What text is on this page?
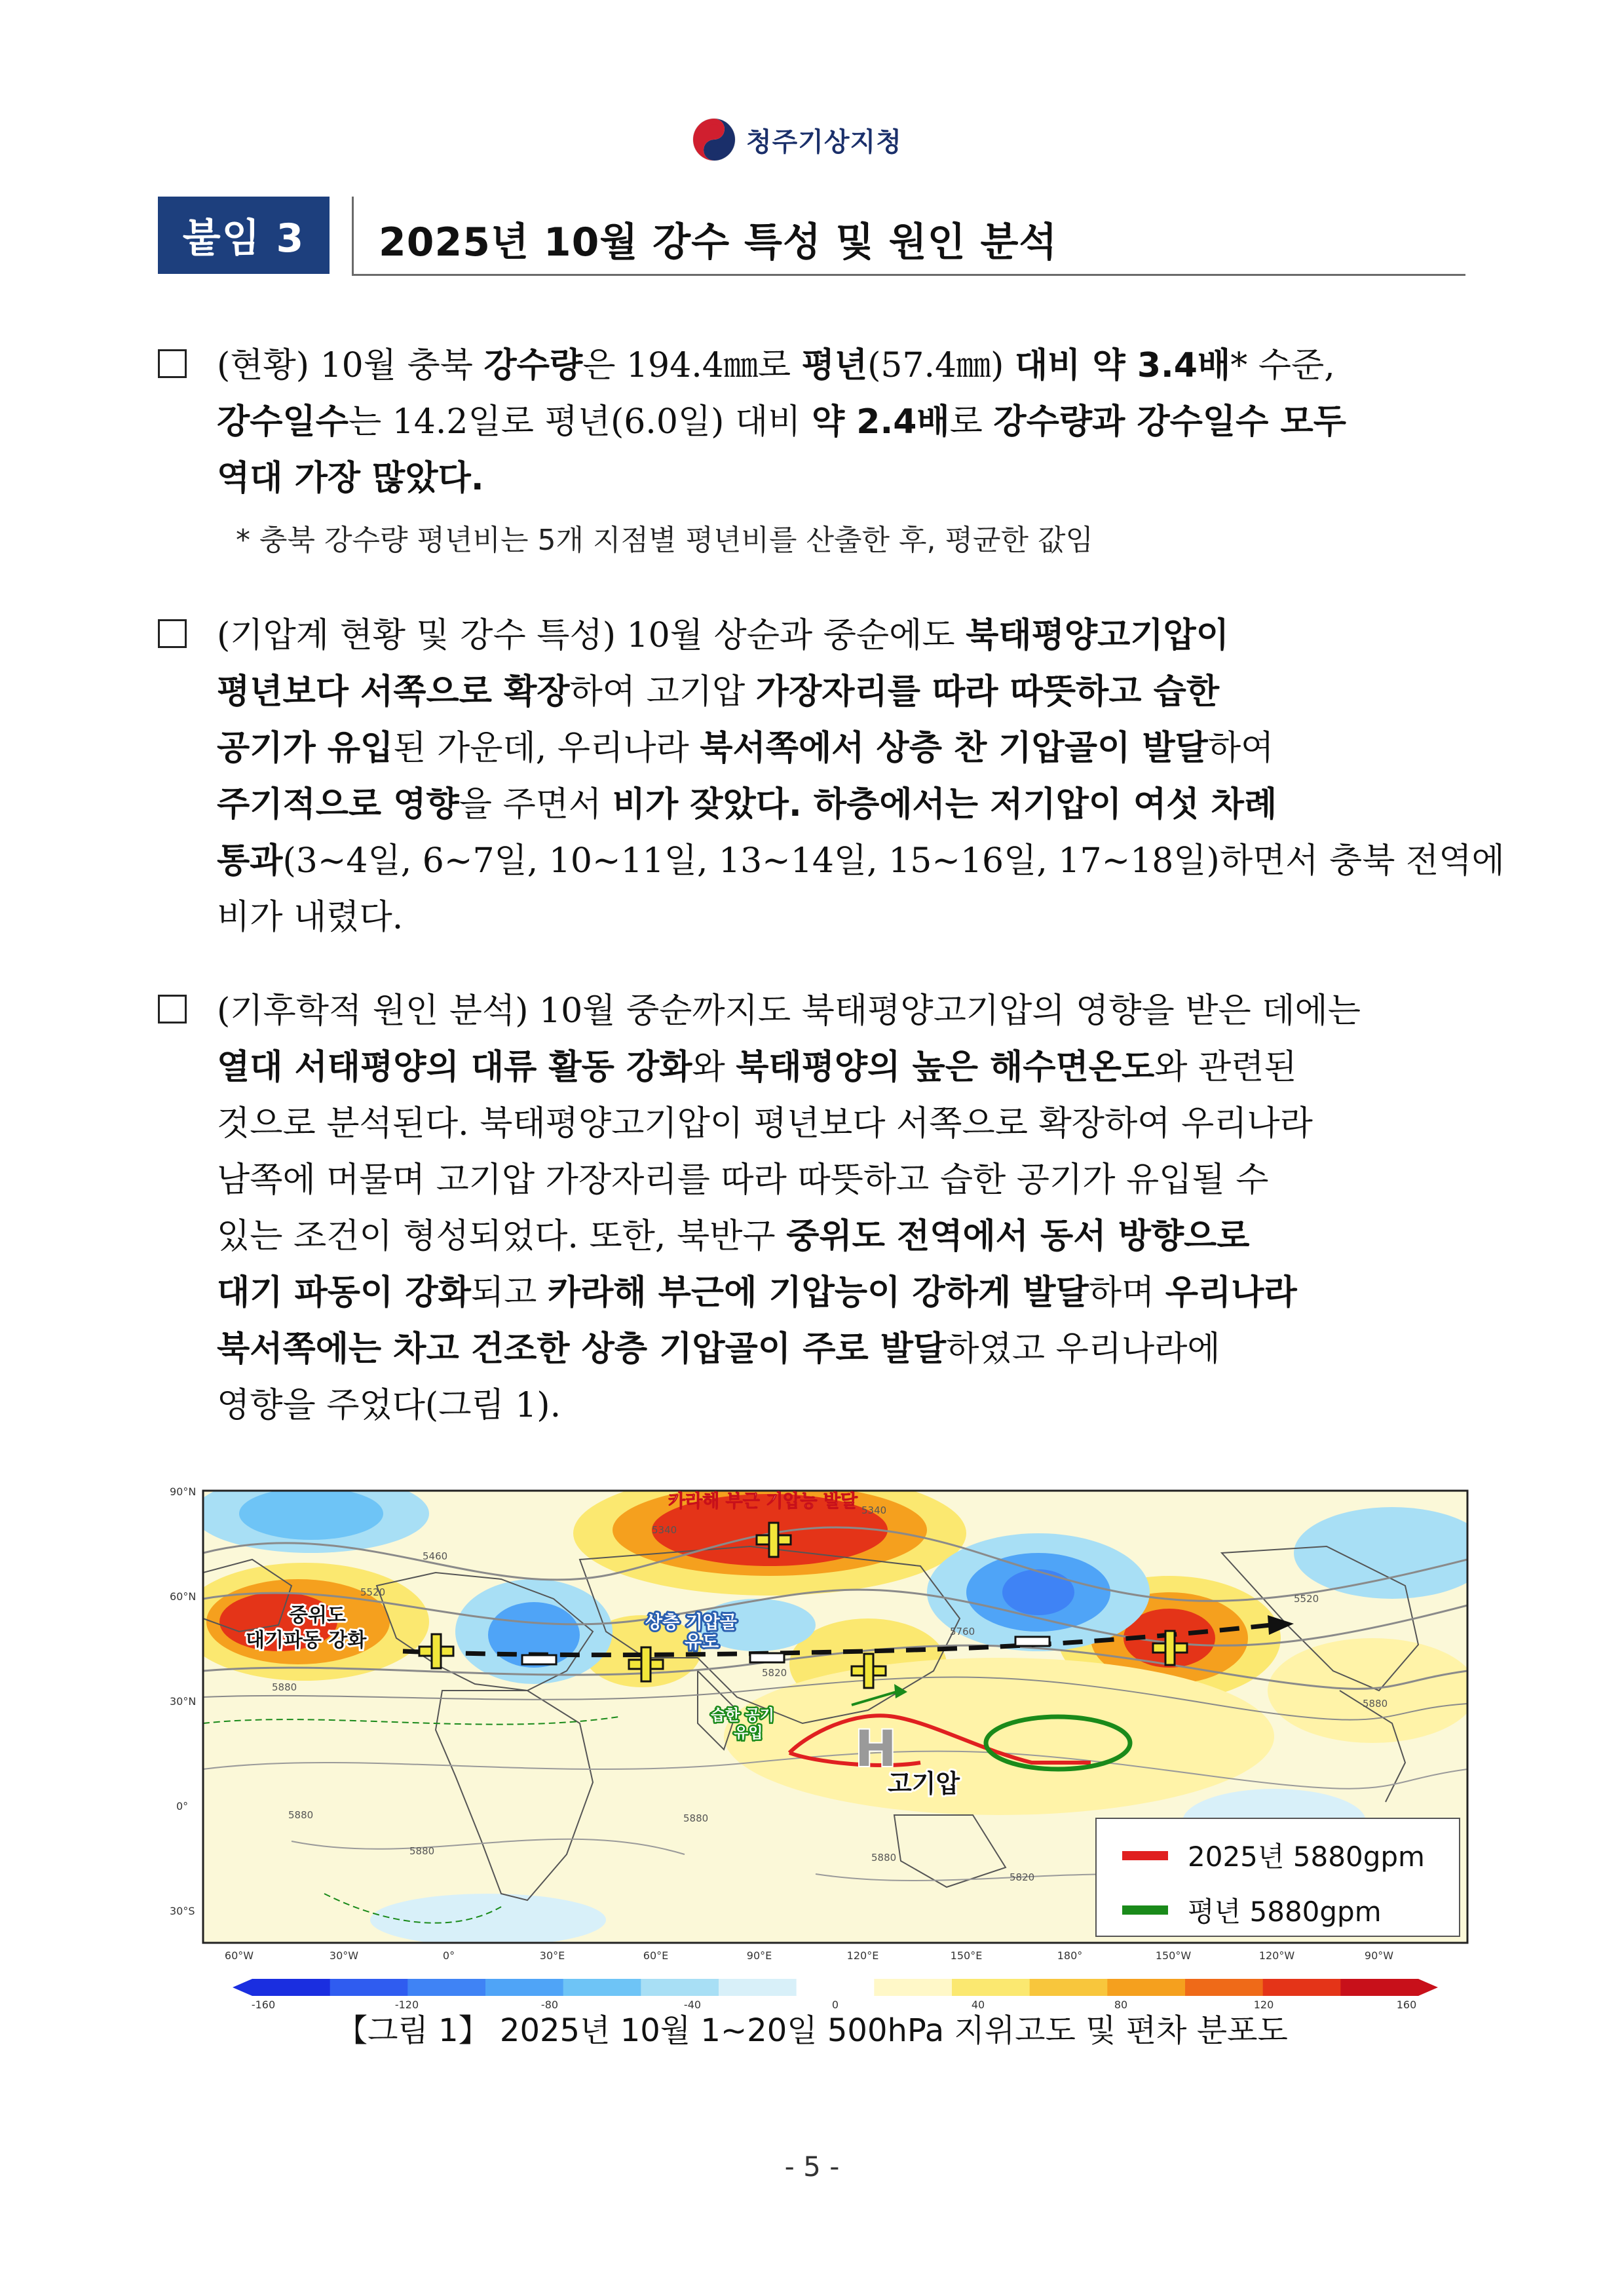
청주기상지청
붙임 3	2025년 10월 강수 특성 및 원인 분석
(현황) 10월 충북 강수량은 194.4㎜로 평년(57.4㎜) 대비 약 3.4배* 수준,
강수일수는 14.2일로 평년(6.0일) 대비 약 2.4배로 강수량과 강수일수 모두
역대 가장 많았다.
* 충북 강수량 평년비는 5개 지점별 평년비를 산출한 후, 평균한 값임
(기압계 현황 및 강수 특성) 10월 상순과 중순에도 북태평양고기압이
평년보다 서쪽으로 확장하여 고기압 가장자리를 따라 따뜻하고 습한
공기가 유입된 가운데, 우리나라 북서쪽에서 상층 찬 기압골이 발달하여
주기적으로 영향을 주면서 비가 잦았다. 하층에서는 저기압이 여섯 차례
통과(3~4일, 6~7일, 10~11일, 13~14일, 15~16일, 17~18일)하면서 충북 전역에
비가 내렸다.
(기후학적 원인 분석) 10월 중순까지도 북태평양고기압의 영향을 받은 데에는
열대 서태평양의 대류 활동 강화와 북태평양의 높은 해수면온도와 관련된
것으로 분석된다. 북태평양고기압이 평년보다 서쪽으로 확장하여 우리나라
남쪽에 머물며 고기압 가장자리를 따라 따뜻하고 습한 공기가 유입될 수
있는 조건이 형성되었다. 또한, 북반구 중위도 전역에서 동서 방향으로
대기 파동이 강화되고 카라해 부근에 기압능이 강하게 발달하며 우리나라
북서쪽에는 차고 건조한 상층 기압골이 주로 발달하였고 우리나라에
영향을 주었다(그림 1).
90°N
60°N
30°N
0°
30°S
60°W	30°W	0°	30°E	60°E	90°E	120°E	150°E	180°	150°W	120°W	90°W
5340
5460
5520
5760
5820
5880
5880
5880
5820
5880
5340
5520
5880	5880
카라해 부근 기압능 발달
중위도
대기파동 강화
상층 기압골
유도
습한 공기
유입 H
고기압
2025년 5880gpm
평년 5880gpm
-160	-120	-80	-40	0	40	80	120	160
【그림 1】 2025년 10월 1~20일 500hPa 지위고도 및 편차 분포도
- 5 -
